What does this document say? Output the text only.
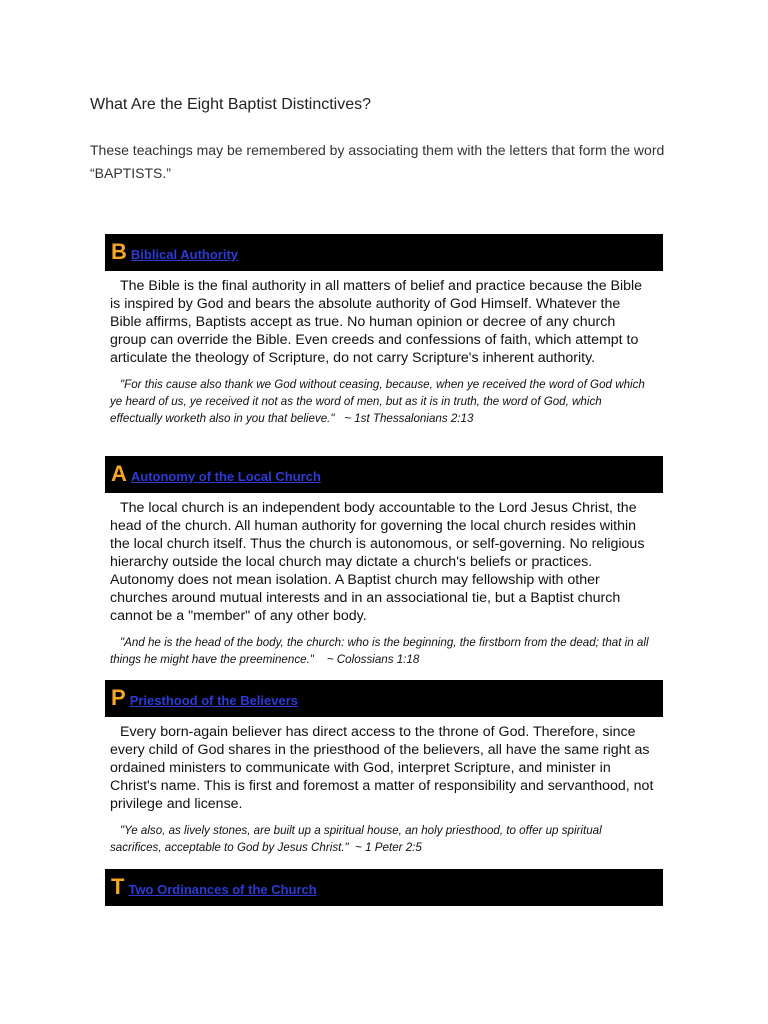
What Are the Eight Baptist Distinctives?

These teachings may be remembered by associating them with the letters that form the word “BAPTISTS.”

B Biblical Authority

The Bible is the final authority in all matters of belief and practice because the Bible is inspired by God and bears the absolute authority of God Himself. Whatever the Bible affirms, Baptists accept as true. No human opinion or decree of any church group can override the Bible. Even creeds and confessions of faith, which attempt to articulate the theology of Scripture, do not carry Scripture's inherent authority.

"For this cause also thank we God without ceasing, because, when ye received the word of God which ye heard of us, ye received it not as the word of men, but as it is in truth, the word of God, which effectually worketh also in you that believe." ~ 1st Thessalonians 2:13

A Autonomy of the Local Church

The local church is an independent body accountable to the Lord Jesus Christ, the head of the church. All human authority for governing the local church resides within the local church itself. Thus the church is autonomous, or self-governing. No religious hierarchy outside the local church may dictate a church's beliefs or practices. Autonomy does not mean isolation. A Baptist church may fellowship with other churches around mutual interests and in an associational tie, but a Baptist church cannot be a "member" of any other body.

"And he is the head of the body, the church: who is the beginning, the firstborn from the dead; that in all things he might have the preeminence." ~ Colossians 1:18

P Priesthood of the Believers

Every born-again believer has direct access to the throne of God. Therefore, since every child of God shares in the priesthood of the believers, all have the same right as ordained ministers to communicate with God, interpret Scripture, and minister in Christ's name. This is first and foremost a matter of responsibility and servanthood, not privilege and license.

"Ye also, as lively stones, are built up a spiritual house, an holy priesthood, to offer up spiritual sacrifices, acceptable to God by Jesus Christ." ~ 1 Peter 2:5

T Two Ordinances of the Church
